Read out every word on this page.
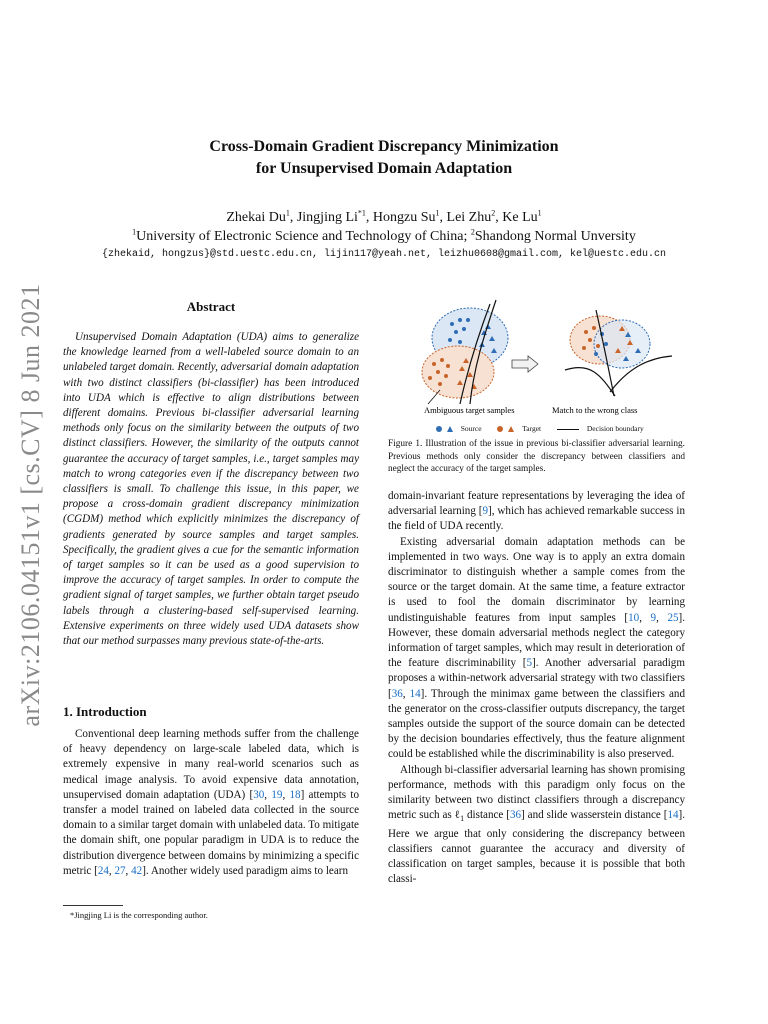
Cross-Domain Gradient Discrepancy Minimization
for Unsupervised Domain Adaptation
Zhekai Du$^1$, Jingjing Li$^{*1}$, Hongzu Su$^1$, Lei Zhu$^2$, Ke Lu$^1$
$^1$University of Electronic Science and Technology of China; $^2$Shandong Normal Unversity
{zhekaid, hongzus}@std.uestc.edu.cn, lijin117@yeah.net, leizhu0608@gmail.com, kel@uestc.edu.cn
arXiv:2106.04151v1 [cs.CV] 8 Jun 2021	Abstract
Unsupervised Domain Adaptation (UDA) aims to generalize the knowledge learned from a well-labeled source domain to an unlabeled target domain. Recently, adversarial domain adaptation with two distinct classifiers (bi-classifier) has been introduced into UDA which is effective to align distributions between different domains. Previous bi-classifier adversarial learning methods only focus on the similarity between the outputs of two distinct classifiers. However, the similarity of the outputs cannot guarantee the accuracy of target samples, i.e., target samples may match to wrong categories even if the discrepancy between two classifiers is small. To challenge this issue, in this paper, we propose a cross-domain gradient discrepancy minimization (CGDM) method which explicitly minimizes the discrepancy of gradients generated by source samples and target samples. Specifically, the gradient gives a cue for the semantic information of target samples so it can be used as a good supervision to improve the accuracy of target samples. In order to compute the gradient signal of target samples, we further obtain target pseudo labels through a clustering-based self-supervised learning. Extensive experiments on three widely used UDA datasets show that our method surpasses many previous state-of-the-arts.
1. Introduction
Conventional deep learning methods suffer from the challenge of heavy dependency on large-scale labeled data, which is extremely expensive in many real-world scenarios such as medical image analysis. To avoid expensive data annotation, unsupervised domain adaptation (UDA) [30, 19, 18] attempts to transfer a model trained on labeled data collected in the source domain to a similar target domain with unlabeled data. To mitigate the domain shift, one popular paradigm in UDA is to reduce the distribution divergence between domains by minimizing a specific metric [24, 27, 42]. Another widely used paradigm aims to learn
*Jingjing Li is the corresponding author.
Ambiguous target samples	Match to the wrong class
Source	Target	Decision boundary
Figure 1. Illustration of the issue in previous bi-classifier adversarial learning. Previous methods only consider the discrepancy between classifiers and neglect the accuracy of the target samples.

domain-invariant feature representations by leveraging the idea of adversarial learning [9], which has achieved remarkable success in the field of UDA recently.

Existing adversarial domain adaptation methods can be implemented in two ways. One way is to apply an extra domain discriminator to distinguish whether a sample comes from the source or the target domain. At the same time, a feature extractor is used to fool the domain discriminator by learning undistinguishable features from input samples [10, 9, 25]. However, these domain adversarial methods neglect the category information of target samples, which may result in deterioration of the feature discriminability [5]. Another adversarial paradigm proposes a within-network adversarial strategy with two classifiers [36, 14]. Through the minimax game between the classifiers and the generator on the cross-classifier outputs discrepancy, the target samples outside the support of the source domain can be detected by the decision boundaries effectively, thus the feature alignment could be established while the discriminability is also preserved.

Although bi-classifier adversarial learning has shown promising performance, methods with this paradigm only focus on the similarity between two distinct classifiers through a discrepancy metric such as ℓ$_1$ distance [36] and slide wasserstein distance [14]. Here we argue that only considering the discrepancy between classifiers cannot guarantee the accuracy and diversity of classification on target samples, because it is possible that both classi-
